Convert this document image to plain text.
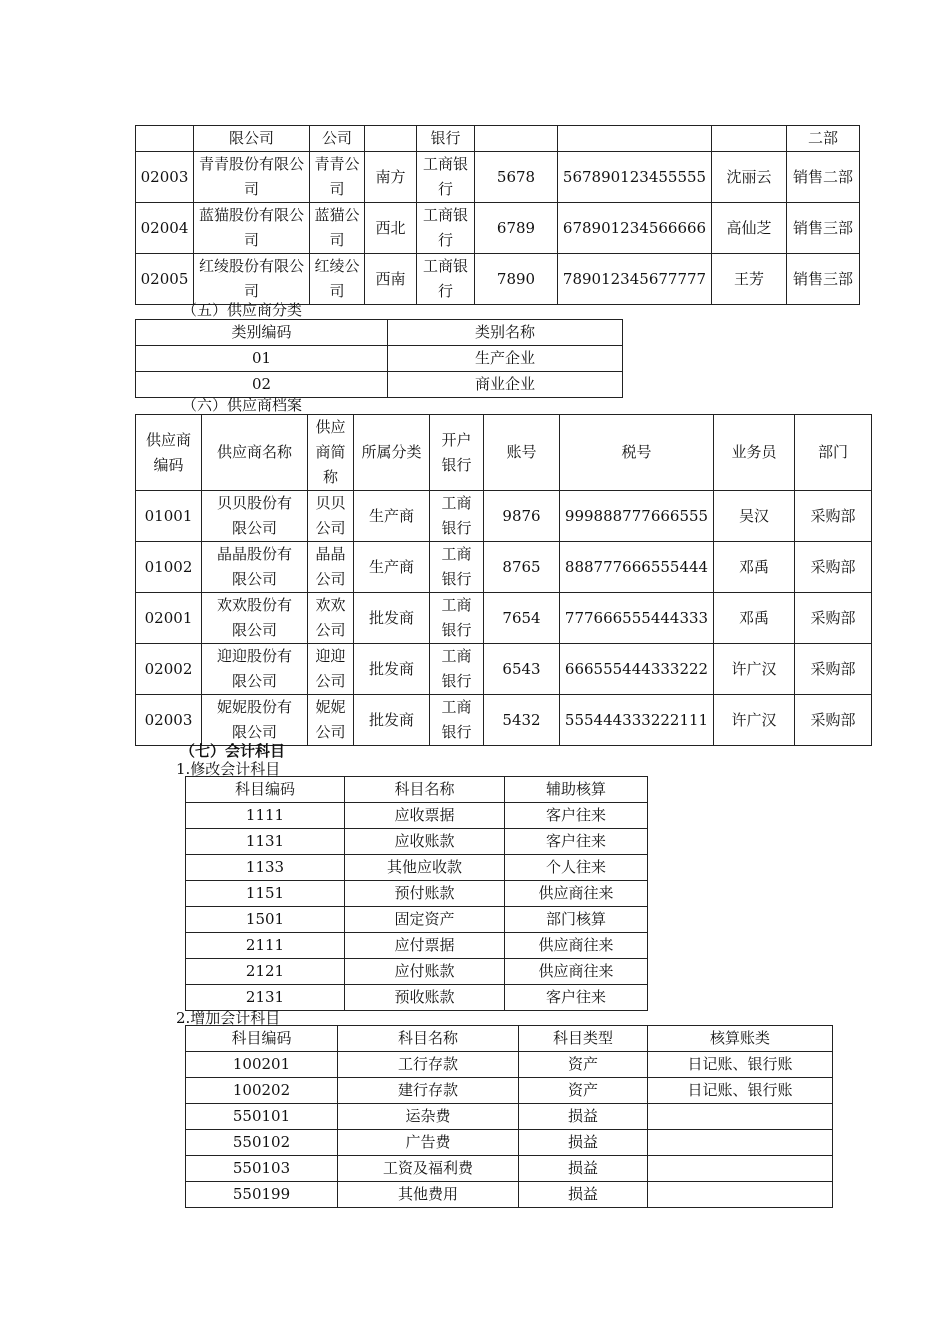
	限公司	公司		银行				二部
02003	青青股份有限公司	青青公司	南方	工商银行	5678	567890123455555	沈丽云	销售二部
02004	蓝猫股份有限公司	蓝猫公司	西北	工商银行	6789	678901234566666	高仙芝	销售三部
02005	红绫股份有限公司	红绫公司	西南	工商银行	7890	789012345677777	王芳	销售三部
（五）供应商分类
类别编码	类别名称
01	生产企业
02	商业企业
（六）供应商档案
供应商编码	供应商名称	供应商简称	所属分类	开户银行	账号	税号	业务员	部门
01001	贝贝股份有限公司	贝贝公司	生产商	工商银行	9876	999888777666555	吴汉	采购部
01002	晶晶股份有限公司	晶晶公司	生产商	工商银行	8765	888777666555444	邓禹	采购部
02001	欢欢股份有限公司	欢欢公司	批发商	工商银行	7654	777666555444333	邓禹	采购部
02002	迎迎股份有限公司	迎迎公司	批发商	工商银行	6543	666555444333222	许广汉	采购部
02003	妮妮股份有限公司	妮妮公司	批发商	工商银行	5432	555444333222111	许广汉	采购部
（七）会计科目
1.修改会计科目
科目编码	科目名称	辅助核算
1111	应收票据	客户往来
1131	应收账款	客户往来
1133	其他应收款	个人往来
1151	预付账款	供应商往来
1501	固定资产	部门核算
2111	应付票据	供应商往来
2121	应付账款	供应商往来
2131	预收账款	客户往来
2.增加会计科目
科目编码	科目名称	科目类型	核算账类
100201	工行存款	资产	日记账、银行账
100202	建行存款	资产	日记账、银行账
550101	运杂费	损益	
550102	广告费	损益	
550103	工资及福利费	损益	
550199	其他费用	损益	
